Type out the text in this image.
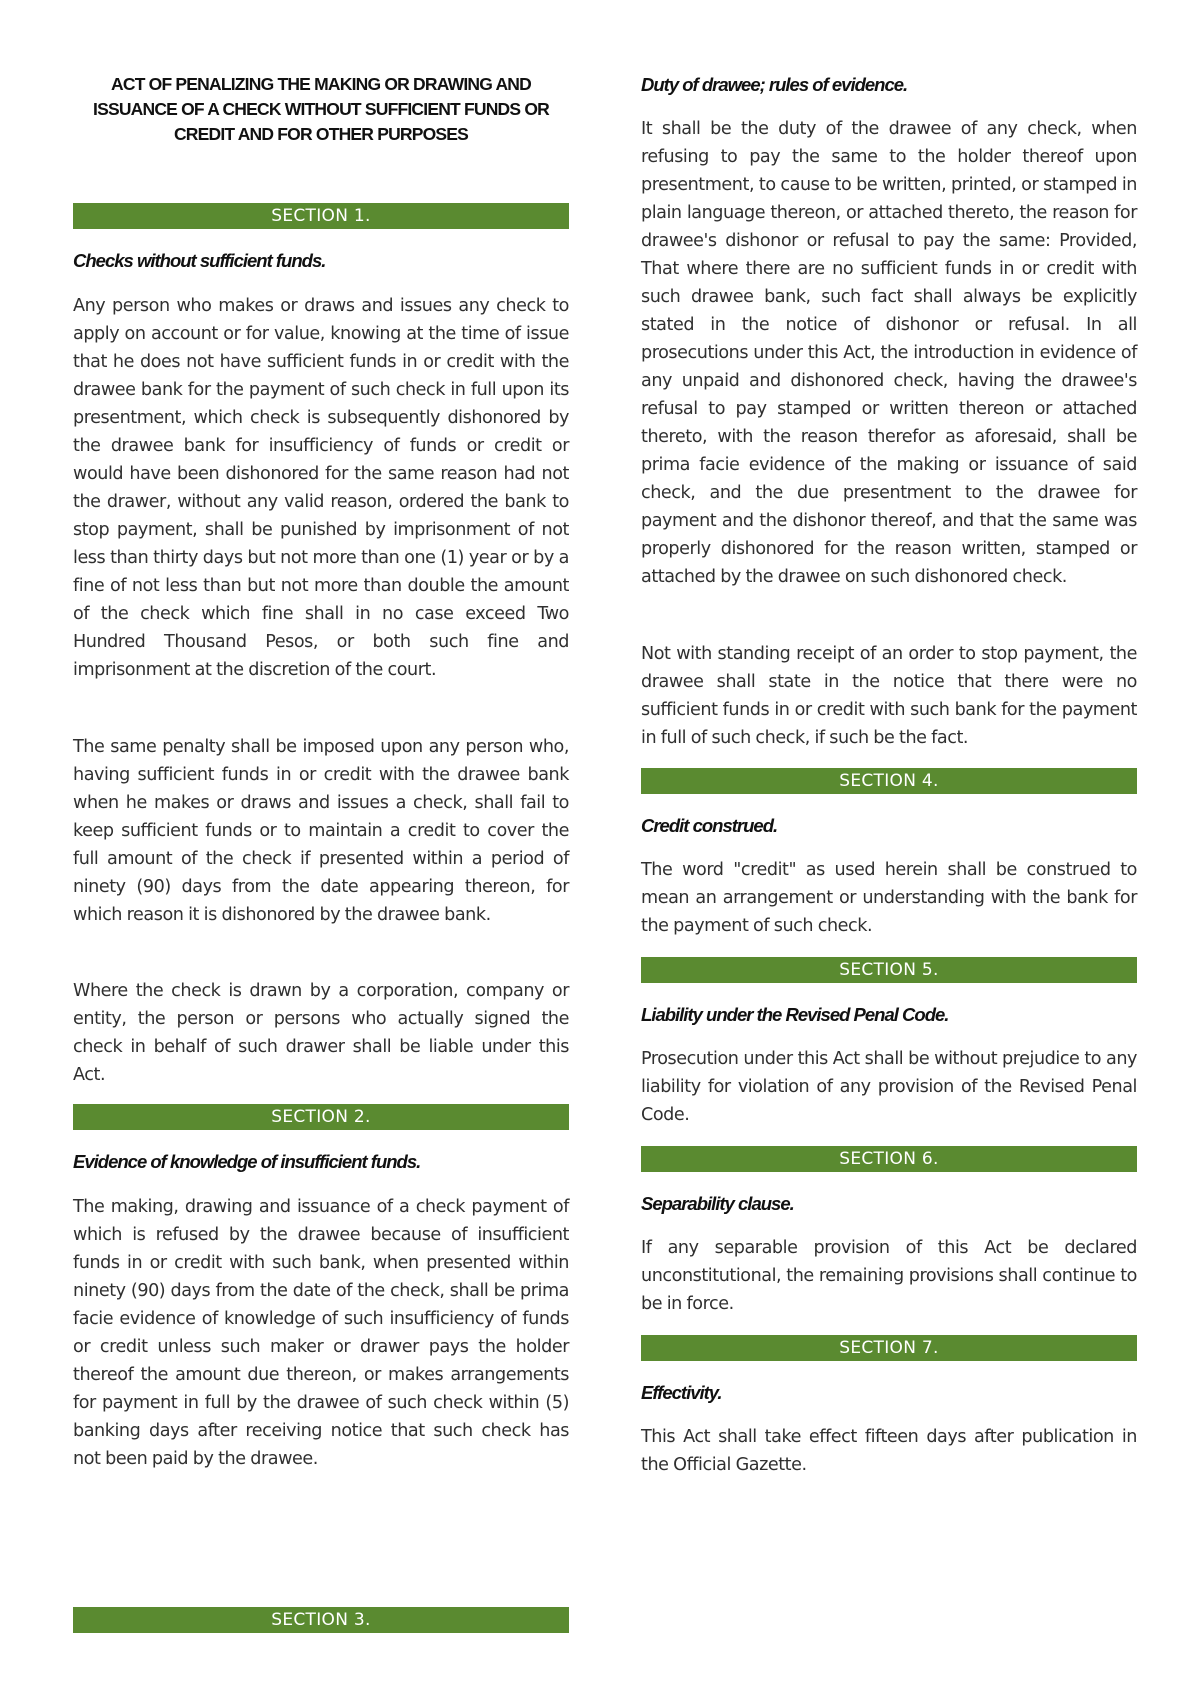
ACT OF PENALIZING THE MAKING OR DRAWING AND ISSUANCE OF A CHECK WITHOUT SUFFICIENT FUNDS OR CREDIT AND FOR OTHER PURPOSES
SECTION 1.
Checks without sufficient funds.

Any person who makes or draws and issues any check to apply on account or for value, knowing at the time of issue that he does not have sufficient funds in or credit with the drawee bank for the payment of such check in full upon its presentment, which check is subsequently dishonored by the drawee bank for insufficiency of funds or credit or would have been dishonored for the same reason had not the drawer, without any valid reason, ordered the bank to stop payment, shall be punished by imprisonment of not less than thirty days but not more than one (1) year or by a fine of not less than but not more than double the amount of the check which fine shall in no case exceed Two Hundred Thousand Pesos, or both such fine and imprisonment at the discretion of the court.

The same penalty shall be imposed upon any person who, having sufficient funds in or credit with the drawee bank when he makes or draws and issues a check, shall fail to keep sufficient funds or to maintain a credit to cover the full amount of the check if presented within a period of ninety (90) days from the date appearing thereon, for which reason it is dishonored by the drawee bank.

Where the check is drawn by a corporation, company or entity, the person or persons who actually signed the check in behalf of such drawer shall be liable under this Act.

SECTION 2.
Evidence of knowledge of insufficient funds.

The making, drawing and issuance of a check payment of which is refused by the drawee because of insufficient funds in or credit with such bank, when presented within ninety (90) days from the date of the check, shall be prima facie evidence of knowledge of such insufficiency of funds or credit unless such maker or drawer pays the holder thereof the amount due thereon, or makes arrangements for payment in full by the drawee of such check within (5) banking days after receiving notice that such check has not been paid by the drawee.

SECTION 3.
Duty of drawee; rules of evidence.

It shall be the duty of the drawee of any check, when refusing to pay the same to the holder thereof upon presentment, to cause to be written, printed, or stamped in plain language thereon, or attached thereto, the reason for drawee's dishonor or refusal to pay the same: Provided, That where there are no sufficient funds in or credit with such drawee bank, such fact shall always be explicitly stated in the notice of dishonor or refusal. In all prosecutions under this Act, the introduction in evidence of any unpaid and dishonored check, having the drawee's refusal to pay stamped or written thereon or attached thereto, with the reason therefor as aforesaid, shall be prima facie evidence of the making or issuance of said check, and the due presentment to the drawee for payment and the dishonor thereof, and that the same was properly dishonored for the reason written, stamped or attached by the drawee on such dishonored check.

Not with standing receipt of an order to stop payment, the drawee shall state in the notice that there were no sufficient funds in or credit with such bank for the payment in full of such check, if such be the fact.

SECTION 4.
Credit construed.

The word "credit" as used herein shall be construed to mean an arrangement or understanding with the bank for the payment of such check.

SECTION 5.
Liability under the Revised Penal Code.

Prosecution under this Act shall be without prejudice to any liability for violation of any provision of the Revised Penal Code.

SECTION 6.
Separability clause.

If any separable provision of this Act be declared unconstitutional, the remaining provisions shall continue to be in force.

SECTION 7.
Effectivity.

This Act shall take effect fifteen days after publication in the Official Gazette.
